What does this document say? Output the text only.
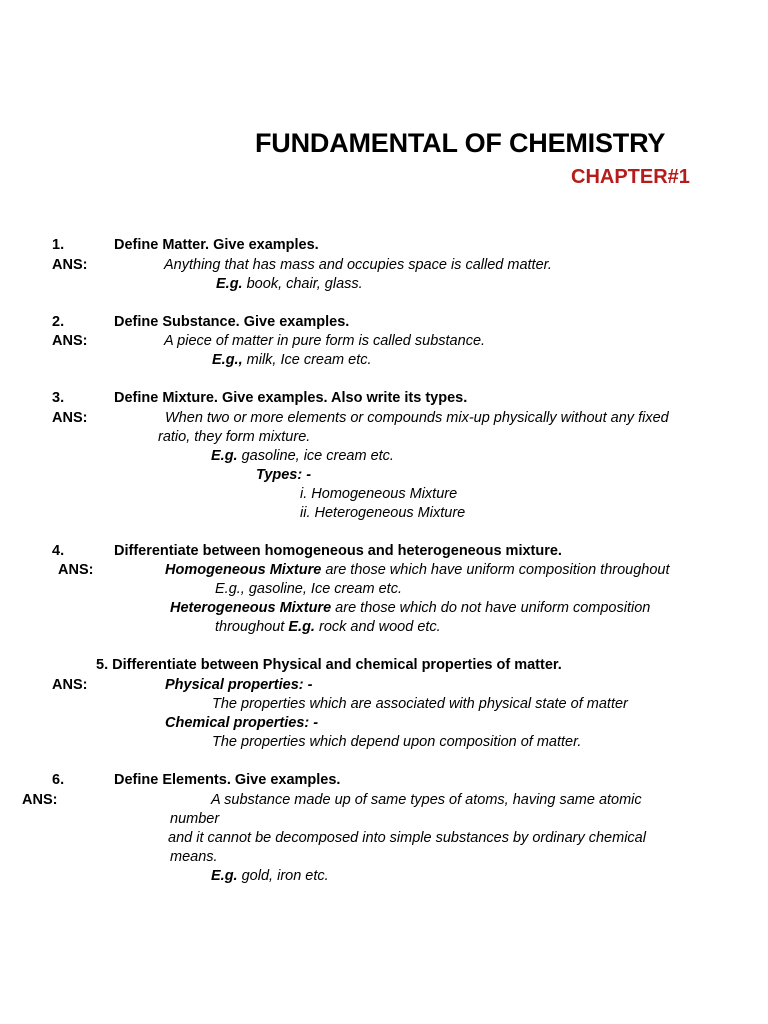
FUNDAMENTAL OF CHEMISTRY
CHAPTER#1
1.	Define Matter. Give examples.
ANS:	Anything that has mass and occupies space is called matter.
E.g. book, chair, glass.
2.	Define Substance. Give examples.
ANS:	A piece of matter in pure form is called substance.
E.g., milk, Ice cream etc.
3.	Define Mixture. Give examples. Also write its types.
ANS:	When two or more elements or compounds mix-up physically without any fixed
ratio, they form mixture.
E.g. gasoline, ice cream etc.
Types: -
i. Homogeneous Mixture
ii. Heterogeneous Mixture
4.	Differentiate between homogeneous and heterogeneous mixture.
ANS:	Homogeneous Mixture are those which have uniform composition throughout
E.g., gasoline, Ice cream etc.
Heterogeneous Mixture are those which do not have uniform composition
throughout E.g. rock and wood etc.
5. Differentiate between Physical and chemical properties of matter.
ANS:	Physical properties: -
The properties which are associated with physical state of matter
Chemical properties: -
The properties which depend upon composition of matter.
6.	Define Elements. Give examples.
ANS:	A substance made up of same types of atoms, having same atomic
number
and it cannot be decomposed into simple substances by ordinary chemical
means.
E.g. gold, iron etc.
